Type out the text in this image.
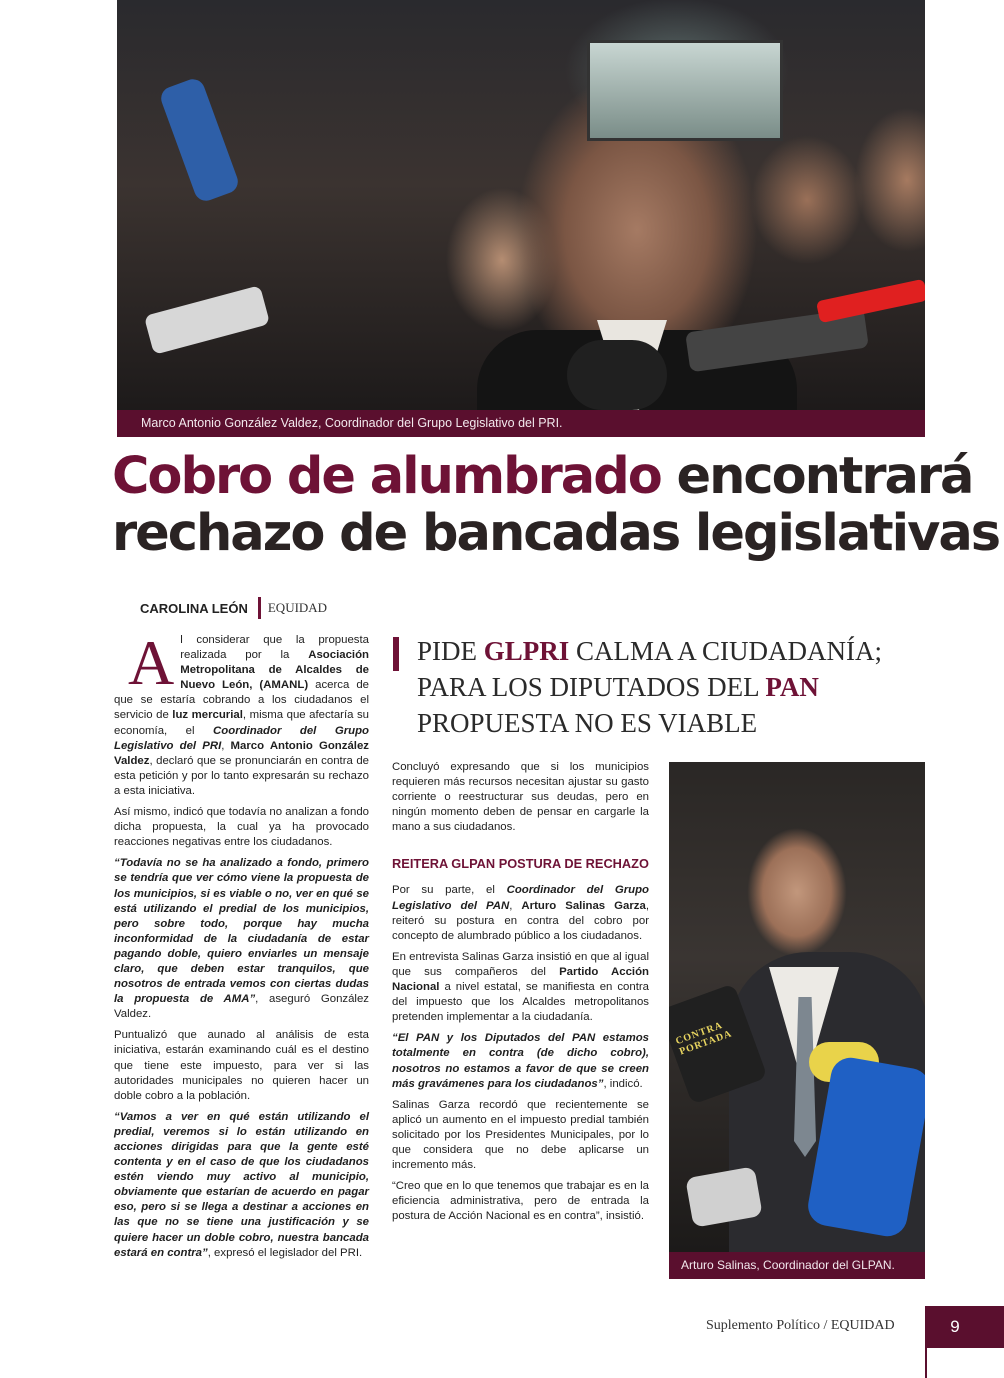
Marco Antonio González Valdez, Coordinador del Grupo Legislativo del PRI.
Cobro de alumbrado encontrará
rechazo de bancadas legislativas
CAROLINA LEÓN EQUIDAD

Al considerar que la propuesta realizada por la Asociación Metropolitana de Alcaldes de Nuevo León, (AMANL) acerca de que se estaría cobrando a los ciudadanos el servicio de luz mercurial, misma que afectaría su economía, el Coordinador del Grupo Legislativo del PRI, Marco Antonio González Valdez, declaró que se pronunciarán en contra de esta petición y por lo tanto expresarán su rechazo a esta iniciativa.

Así mismo, indicó que todavía no analizan a fondo dicha propuesta, la cual ya ha provocado reacciones negativas entre los ciudadanos.

“Todavía no se ha analizado a fondo, primero se tendría que ver cómo viene la propuesta de los municipios, si es viable o no, ver en qué se está utilizando el predial de los municipios, pero sobre todo, porque hay mucha inconformidad de la ciudadanía de estar pagando doble, quiero enviarles un mensaje claro, que deben estar tranquilos, que nosotros de entrada vemos con ciertas dudas la propuesta de AMA”, aseguró González Valdez.

Puntualizó que aunado al análisis de esta iniciativa, estarán examinando cuál es el destino que tiene este impuesto, para ver si las autoridades municipales no quieren hacer un doble cobro a la población.

“Vamos a ver en qué están utilizando el predial, veremos si lo están utilizando en acciones dirigidas para que la gente esté contenta y en el caso de que los ciudadanos estén viendo muy activo al municipio, obviamente que estarían de acuerdo en pagar eso, pero si se llega a destinar a acciones en las que no se tiene una justificación y se quiere hacer un doble cobro, nuestra bancada estará en contra”, expresó el legislador del PRI.

PIDE GLPRI CALMA A CIUDADANÍA;
PARA LOS DIPUTADOS DEL PAN
PROPUESTA NO ES VIABLE

Concluyó expresando que si los municipios requieren más recursos necesitan ajustar su gasto corriente o reestructurar sus deudas, pero en ningún momento deben de pensar en cargarle la mano a sus ciudadanos.

REITERA GLPAN POSTURA DE RECHAZO

Por su parte, el Coordinador del Grupo Legislativo del PAN, Arturo Salinas Garza, reiteró su postura en contra del cobro por concepto de alumbrado público a los ciudadanos.

En entrevista Salinas Garza insistió en que al igual que sus compañeros del Partido Acción Nacional a nivel estatal, se manifiesta en contra del impuesto que los Alcaldes metropolitanos pretenden implementar a la ciudadanía.

“El PAN y los Diputados del PAN estamos totalmente en contra (de dicho cobro), nosotros no estamos a favor de que se creen más gravámenes para los ciudadanos”, indicó.

Salinas Garza recordó que recientemente se aplicó un aumento en el impuesto predial también solicitado por los Presidentes Municipales, por lo que considera que no debe aplicarse un incremento más.

“Creo que en lo que tenemos que trabajar es en la eficiencia administrativa, pero de entrada la postura de Acción Nacional es en contra”, insistió.

CONTRA PORTADA
Arturo Salinas, Coordinador del GLPAN.
Suplemento Político / EQUIDAD	9
